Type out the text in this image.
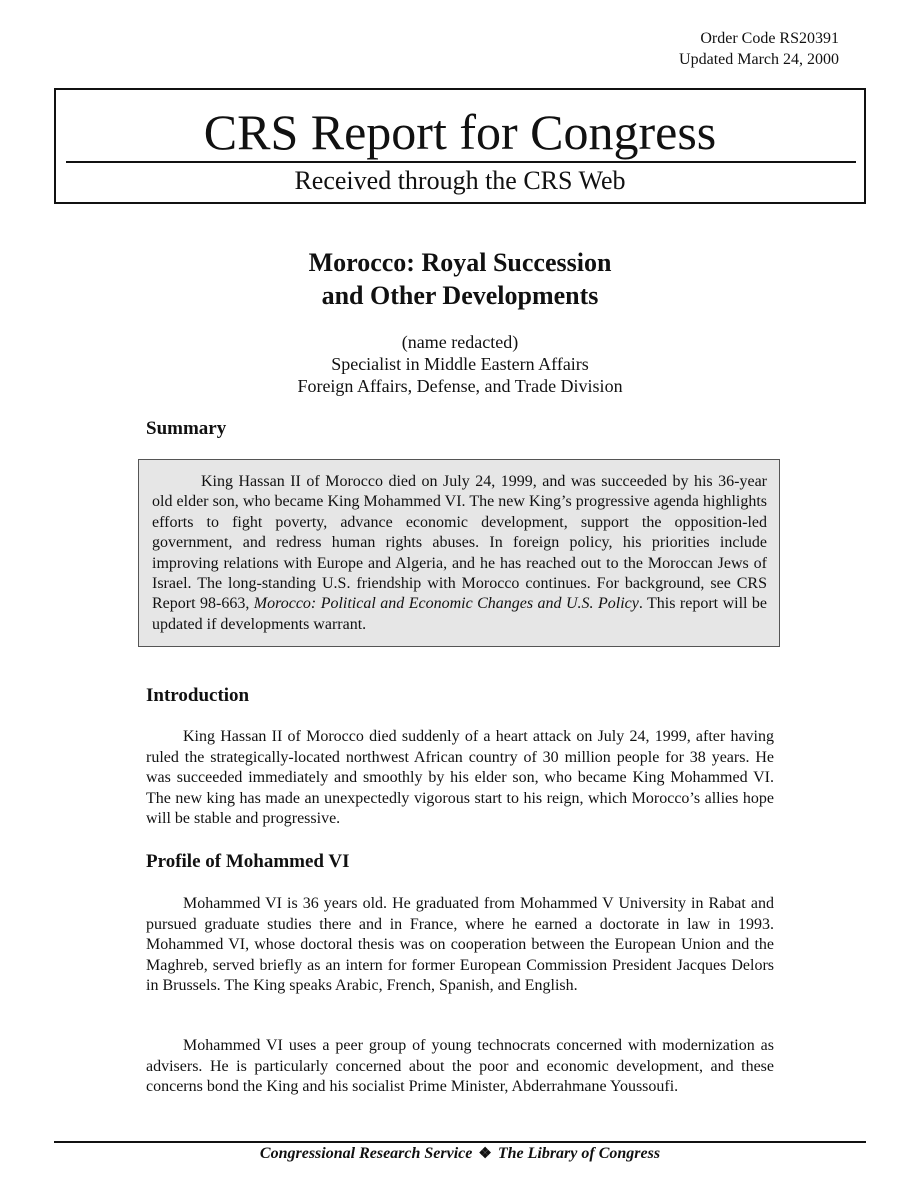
Order Code RS20391
Updated March 24, 2000
CRS Report for Congress
Received through the CRS Web
Morocco: Royal Succession
and Other Developments
(name redacted)
Specialist in Middle Eastern Affairs
Foreign Affairs, Defense, and Trade Division
Summary
King Hassan II of Morocco died on July 24, 1999, and was succeeded by his 36-year old elder son, who became King Mohammed VI. The new King’s progressive agenda highlights efforts to fight poverty, advance economic development, support the opposition-led government, and redress human rights abuses. In foreign policy, his priorities include improving relations with Europe and Algeria, and he has reached out to the Moroccan Jews of Israel. The long-standing U.S. friendship with Morocco continues. For background, see CRS Report 98-663, Morocco: Political and Economic Changes and U.S. Policy. This report will be updated if developments warrant.
Introduction

King Hassan II of Morocco died suddenly of a heart attack on July 24, 1999, after having ruled the strategically-located northwest African country of 30 million people for 38 years. He was succeeded immediately and smoothly by his elder son, who became King Mohammed VI. The new king has made an unexpectedly vigorous start to his reign, which Morocco’s allies hope will be stable and progressive.

Profile of Mohammed VI

Mohammed VI is 36 years old. He graduated from Mohammed V University in Rabat and pursued graduate studies there and in France, where he earned a doctorate in law in 1993. Mohammed VI, whose doctoral thesis was on cooperation between the European Union and the Maghreb, served briefly as an intern for former European Commission President Jacques Delors in Brussels. The King speaks Arabic, French, Spanish, and English.

Mohammed VI uses a peer group of young technocrats concerned with modernization as advisers. He is particularly concerned about the poor and economic development, and these concerns bond the King and his socialist Prime Minister, Abderrahmane Youssoufi.

Congressional Research Service ❖ The Library of Congress
